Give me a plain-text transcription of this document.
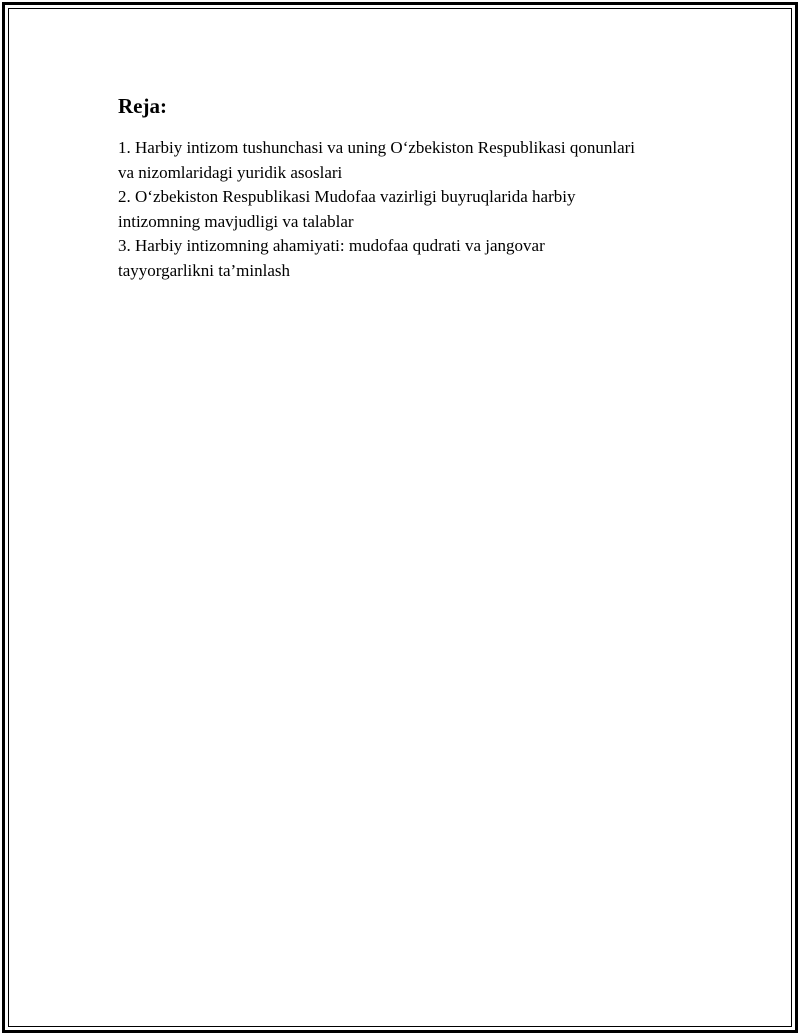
Reja:
1. Harbiy intizom tushunchasi va uning O‘zbekiston Respublikasi qonunlari
va nizomlaridagi yuridik asoslari
2. O‘zbekiston Respublikasi Mudofaa vazirligi buyruqlarida harbiy
intizomning mavjudligi va talablar
3. Harbiy intizomning ahamiyati: mudofaa qudrati va jangovar
tayyorgarlikni ta’minlash
